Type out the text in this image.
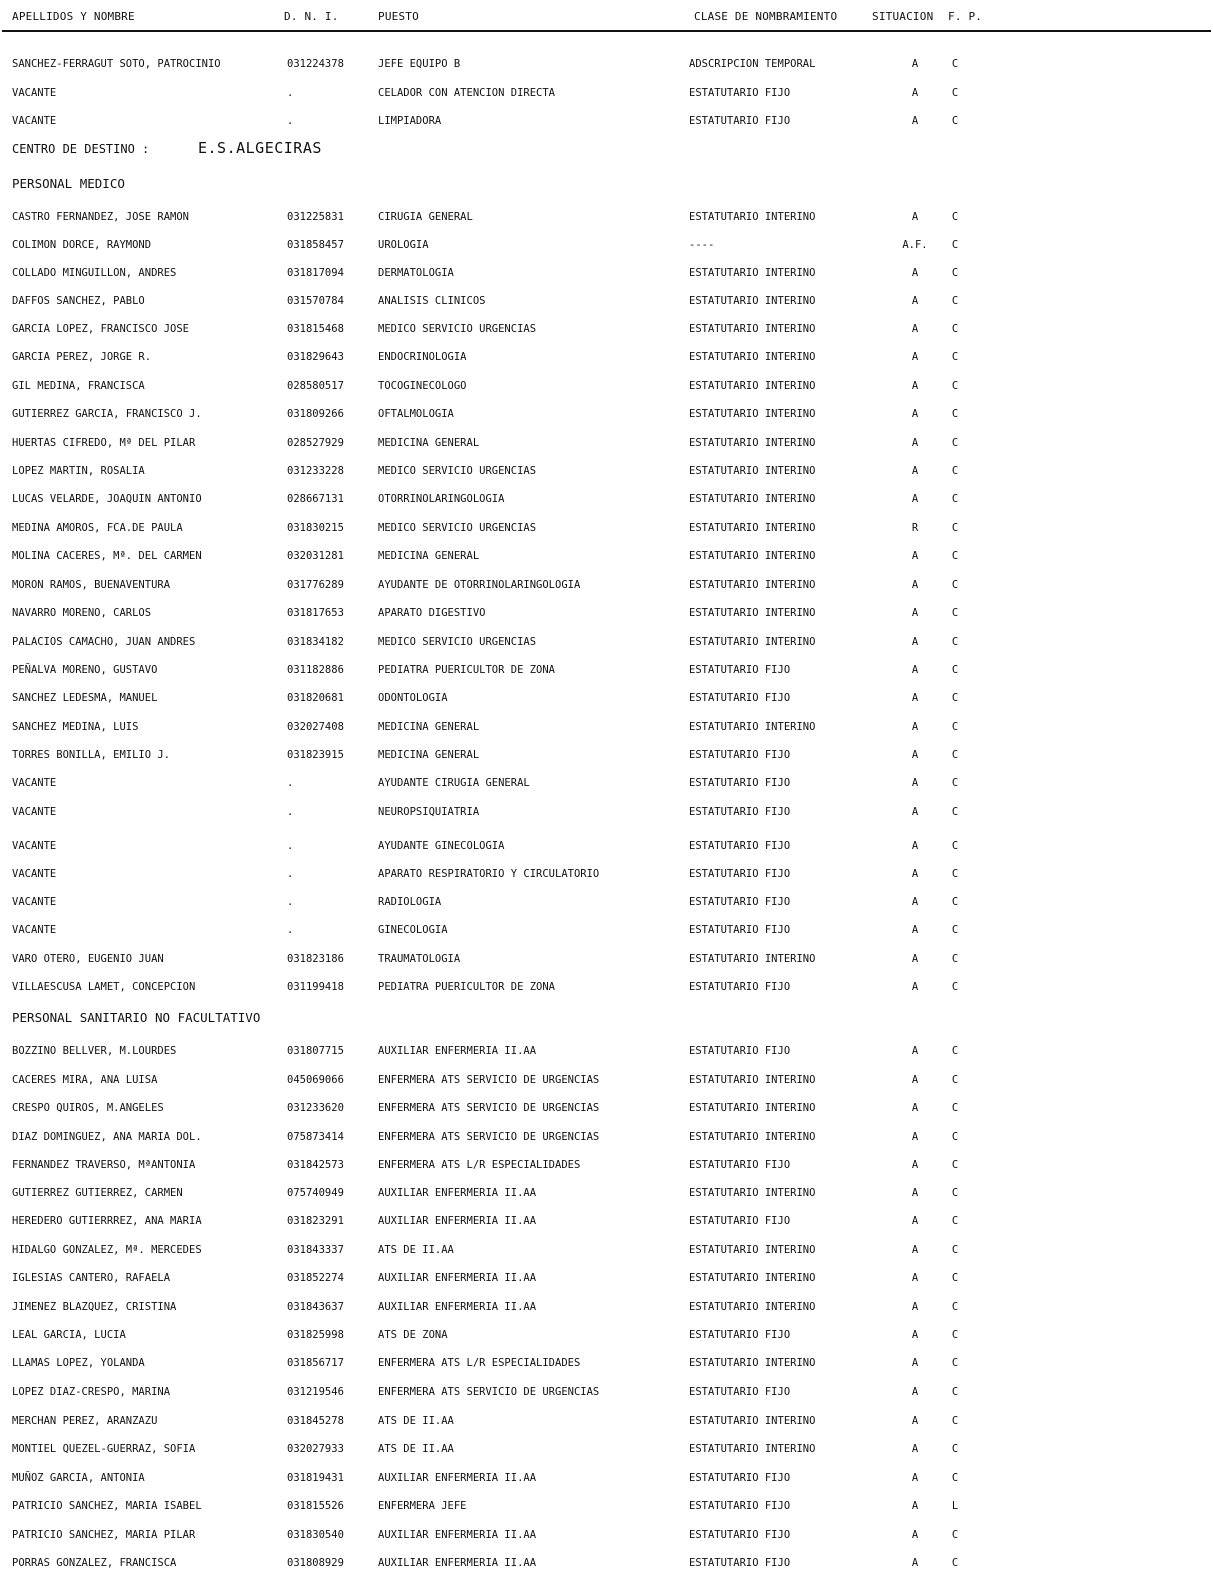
APELLIDOS Y NOMBRE	D. N. I.	PUESTO	CLASE DE NOMBRAMIENTO	SITUACION F. P.
SANCHEZ-FERRAGUT SOTO, PATROCINIO	031224378	JEFE EQUIPO B	ADSCRIPCION TEMPORAL	A	C
VACANTE	.	CELADOR CON ATENCION DIRECTA	ESTATUTARIO FIJO	A	C
VACANTE	.	LIMPIADORA	ESTATUTARIO FIJO	A	C
CENTRO DE DESTINO :	E.S.ALGECIRAS
PERSONAL MEDICO
CASTRO FERNANDEZ, JOSE RAMON	031225831	CIRUGIA GENERAL	ESTATUTARIO INTERINO	A	C
COLIMON DORCE, RAYMOND	031858457	UROLOGIA	----	A.F.	C
COLLADO MINGUILLON, ANDRES	031817094	DERMATOLOGIA	ESTATUTARIO INTERINO	A	C
DAFFOS SANCHEZ, PABLO	031570784	ANALISIS CLINICOS	ESTATUTARIO INTERINO	A	C
GARCIA LOPEZ, FRANCISCO JOSE	031815468	MEDICO SERVICIO URGENCIAS	ESTATUTARIO INTERINO	A	C
GARCIA PEREZ, JORGE R.	031829643	ENDOCRINOLOGIA	ESTATUTARIO INTERINO	A	C
GIL MEDINA, FRANCISCA	028580517	TOCOGINECOLOGO	ESTATUTARIO INTERINO	A	C
GUTIERREZ GARCIA, FRANCISCO J.	031809266	OFTALMOLOGIA	ESTATUTARIO INTERINO	A	C
HUERTAS CIFREDO, Mª DEL PILAR	028527929	MEDICINA GENERAL	ESTATUTARIO INTERINO	A	C
LOPEZ MARTIN, ROSALIA	031233228	MEDICO SERVICIO URGENCIAS	ESTATUTARIO INTERINO	A	C
LUCAS VELARDE, JOAQUIN ANTONIO	028667131	OTORRINOLARINGOLOGIA	ESTATUTARIO INTERINO	A	C
MEDINA AMOROS, FCA.DE PAULA	031830215	MEDICO SERVICIO URGENCIAS	ESTATUTARIO INTERINO	R	C
MOLINA CACERES, Mª. DEL CARMEN	032031281	MEDICINA GENERAL	ESTATUTARIO INTERINO	A	C
MORON RAMOS, BUENAVENTURA	031776289	AYUDANTE DE OTORRINOLARINGOLOGIA	ESTATUTARIO INTERINO	A	C
NAVARRO MORENO, CARLOS	031817653	APARATO DIGESTIVO	ESTATUTARIO INTERINO	A	C
PALACIOS CAMACHO, JUAN ANDRES	031834182	MEDICO SERVICIO URGENCIAS	ESTATUTARIO INTERINO	A	C
PEÑALVA MORENO, GUSTAVO	031182886	PEDIATRA PUERICULTOR DE ZONA	ESTATUTARIO FIJO	A	C
SANCHEZ LEDESMA, MANUEL	031820681	ODONTOLOGIA	ESTATUTARIO FIJO	A	C
SANCHEZ MEDINA, LUIS	032027408	MEDICINA GENERAL	ESTATUTARIO INTERINO	A	C
TORRES BONILLA, EMILIO J.	031823915	MEDICINA GENERAL	ESTATUTARIO FIJO	A	C
VACANTE	.	AYUDANTE CIRUGIA GENERAL	ESTATUTARIO FIJO	A	C
VACANTE	.	NEUROPSIQUIATRIA	ESTATUTARIO FIJO	A	C
VACANTE	.	AYUDANTE GINECOLOGIA	ESTATUTARIO FIJO	A	C
VACANTE	.	APARATO RESPIRATORIO Y CIRCULATORIO	ESTATUTARIO FIJO	A	C
VACANTE	.	RADIOLOGIA	ESTATUTARIO FIJO	A	C
VACANTE	.	GINECOLOGIA	ESTATUTARIO FIJO	A	C
VARO OTERO, EUGENIO JUAN	031823186	TRAUMATOLOGIA	ESTATUTARIO INTERINO	A	C
VILLAESCUSA LAMET, CONCEPCION	031199418	PEDIATRA PUERICULTOR DE ZONA	ESTATUTARIO FIJO	A	C
PERSONAL SANITARIO NO FACULTATIVO
BOZZINO BELLVER, M.LOURDES	031807715	AUXILIAR ENFERMERIA II.AA	ESTATUTARIO FIJO	A	C
CACERES MIRA, ANA LUISA	045069066	ENFERMERA ATS SERVICIO DE URGENCIAS	ESTATUTARIO INTERINO	A	C
CRESPO QUIROS, M.ANGELES	031233620	ENFERMERA ATS SERVICIO DE URGENCIAS	ESTATUTARIO INTERINO	A	C
DIAZ DOMINGUEZ, ANA MARIA DOL.	075873414	ENFERMERA ATS SERVICIO DE URGENCIAS	ESTATUTARIO INTERINO	A	C
FERNANDEZ TRAVERSO, MªANTONIA	031842573	ENFERMERA ATS L/R ESPECIALIDADES	ESTATUTARIO FIJO	A	C
GUTIERREZ GUTIERREZ, CARMEN	075740949	AUXILIAR ENFERMERIA II.AA	ESTATUTARIO INTERINO	A	C
HEREDERO GUTIERRREZ, ANA MARIA	031823291	AUXILIAR ENFERMERIA II.AA	ESTATUTARIO FIJO	A	C
HIDALGO GONZALEZ, Mª. MERCEDES	031843337	ATS DE II.AA	ESTATUTARIO INTERINO	A	C
IGLESIAS CANTERO, RAFAELA	031852274	AUXILIAR ENFERMERIA II.AA	ESTATUTARIO INTERINO	A	C
JIMENEZ BLAZQUEZ, CRISTINA	031843637	AUXILIAR ENFERMERIA II.AA	ESTATUTARIO INTERINO	A	C
LEAL GARCIA, LUCIA	031825998	ATS DE ZONA	ESTATUTARIO FIJO	A	C
LLAMAS LOPEZ, YOLANDA	031856717	ENFERMERA ATS L/R ESPECIALIDADES	ESTATUTARIO INTERINO	A	C
LOPEZ DIAZ-CRESPO, MARINA	031219546	ENFERMERA ATS SERVICIO DE URGENCIAS	ESTATUTARIO FIJO	A	C
MERCHAN PEREZ, ARANZAZU	031845278	ATS DE II.AA	ESTATUTARIO INTERINO	A	C
MONTIEL QUEZEL-GUERRAZ, SOFIA	032027933	ATS DE II.AA	ESTATUTARIO INTERINO	A	C
MUÑOZ GARCIA, ANTONIA	031819431	AUXILIAR ENFERMERIA II.AA	ESTATUTARIO FIJO	A	C
PATRICIO SANCHEZ, MARIA ISABEL	031815526	ENFERMERA JEFE	ESTATUTARIO FIJO	A	L
PATRICIO SANCHEZ, MARIA PILAR	031830540	AUXILIAR ENFERMERIA II.AA	ESTATUTARIO FIJO	A	C
PORRAS GONZALEZ, FRANCISCA	031808929	AUXILIAR ENFERMERIA II.AA	ESTATUTARIO FIJO	A	C
